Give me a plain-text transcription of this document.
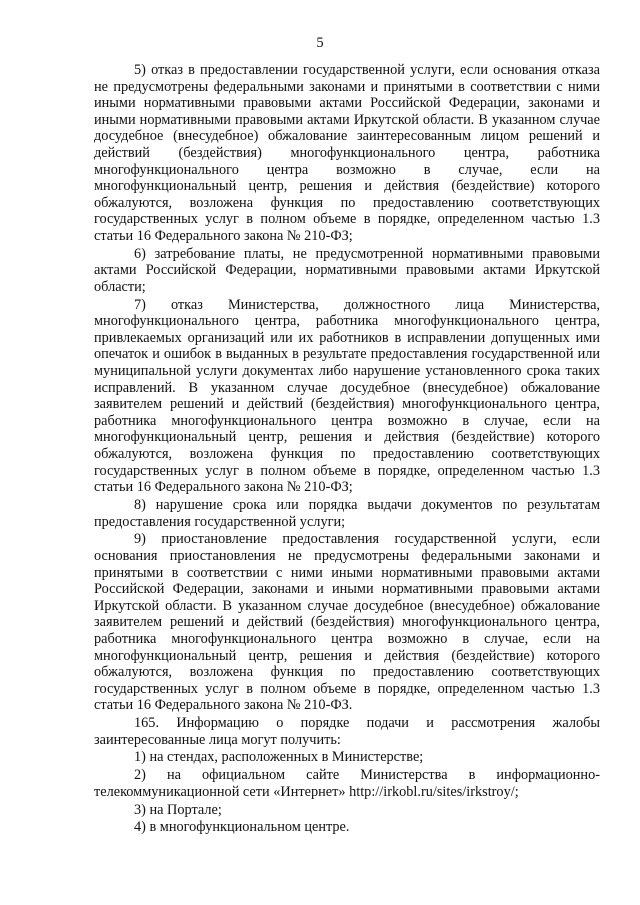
5

5) отказ в предоставлении государственной услуги, если основания отказа не предусмотрены федеральными законами и принятыми в соответствии с ними иными нормативными правовыми актами Российской Федерации, законами и иными нормативными правовыми актами Иркутской области. В указанном случае досудебное (внесудебное) обжалование заинтересованным лицом решений и действий (бездействия) многофункционального центра, работника многофункционального центра возможно в случае, если на многофункциональный центр, решения и действия (бездействие) которого обжалуются, возложена функция по предоставлению соответствующих государственных услуг в полном объеме в порядке, определенном частью 1.3 статьи 16 Федерального закона № 210-ФЗ;

6) затребование платы, не предусмотренной нормативными правовыми актами Российской Федерации, нормативными правовыми актами Иркутской области;

7) отказ Министерства, должностного лица Министерства, многофункционального центра, работника многофункционального центра, привлекаемых организаций или их работников в исправлении допущенных ими опечаток и ошибок в выданных в результате предоставления государственной или муниципальной услуги документах либо нарушение установленного срока таких исправлений. В указанном случае досудебное (внесудебное) обжалование заявителем решений и действий (бездействия) многофункционального центра, работника многофункционального центра возможно в случае, если на многофункциональный центр, решения и действия (бездействие) которого обжалуются, возложена функция по предоставлению соответствующих государственных услуг в полном объеме в порядке, определенном частью 1.3 статьи 16 Федерального закона № 210-ФЗ;

8) нарушение срока или порядка выдачи документов по результатам предоставления государственной услуги;

9) приостановление предоставления государственной услуги, если основания приостановления не предусмотрены федеральными законами и принятыми в соответствии с ними иными нормативными правовыми актами Российской Федерации, законами и иными нормативными правовыми актами Иркутской области. В указанном случае досудебное (внесудебное) обжалование заявителем решений и действий (бездействия) многофункционального центра, работника многофункционального центра возможно в случае, если на многофункциональный центр, решения и действия (бездействие) которого обжалуются, возложена функция по предоставлению соответствующих государственных услуг в полном объеме в порядке, определенном частью 1.3 статьи 16 Федерального закона № 210-ФЗ.

165. Информацию о порядке подачи и рассмотрения жалобы заинтересованные лица могут получить:

1) на стендах, расположенных в Министерстве;

2) на официальном сайте Министерства в информационно-телекоммуникационной сети «Интернет» http://irkobl.ru/sites/irkstroy/;

3) на Портале;

4) в многофункциональном центре.
